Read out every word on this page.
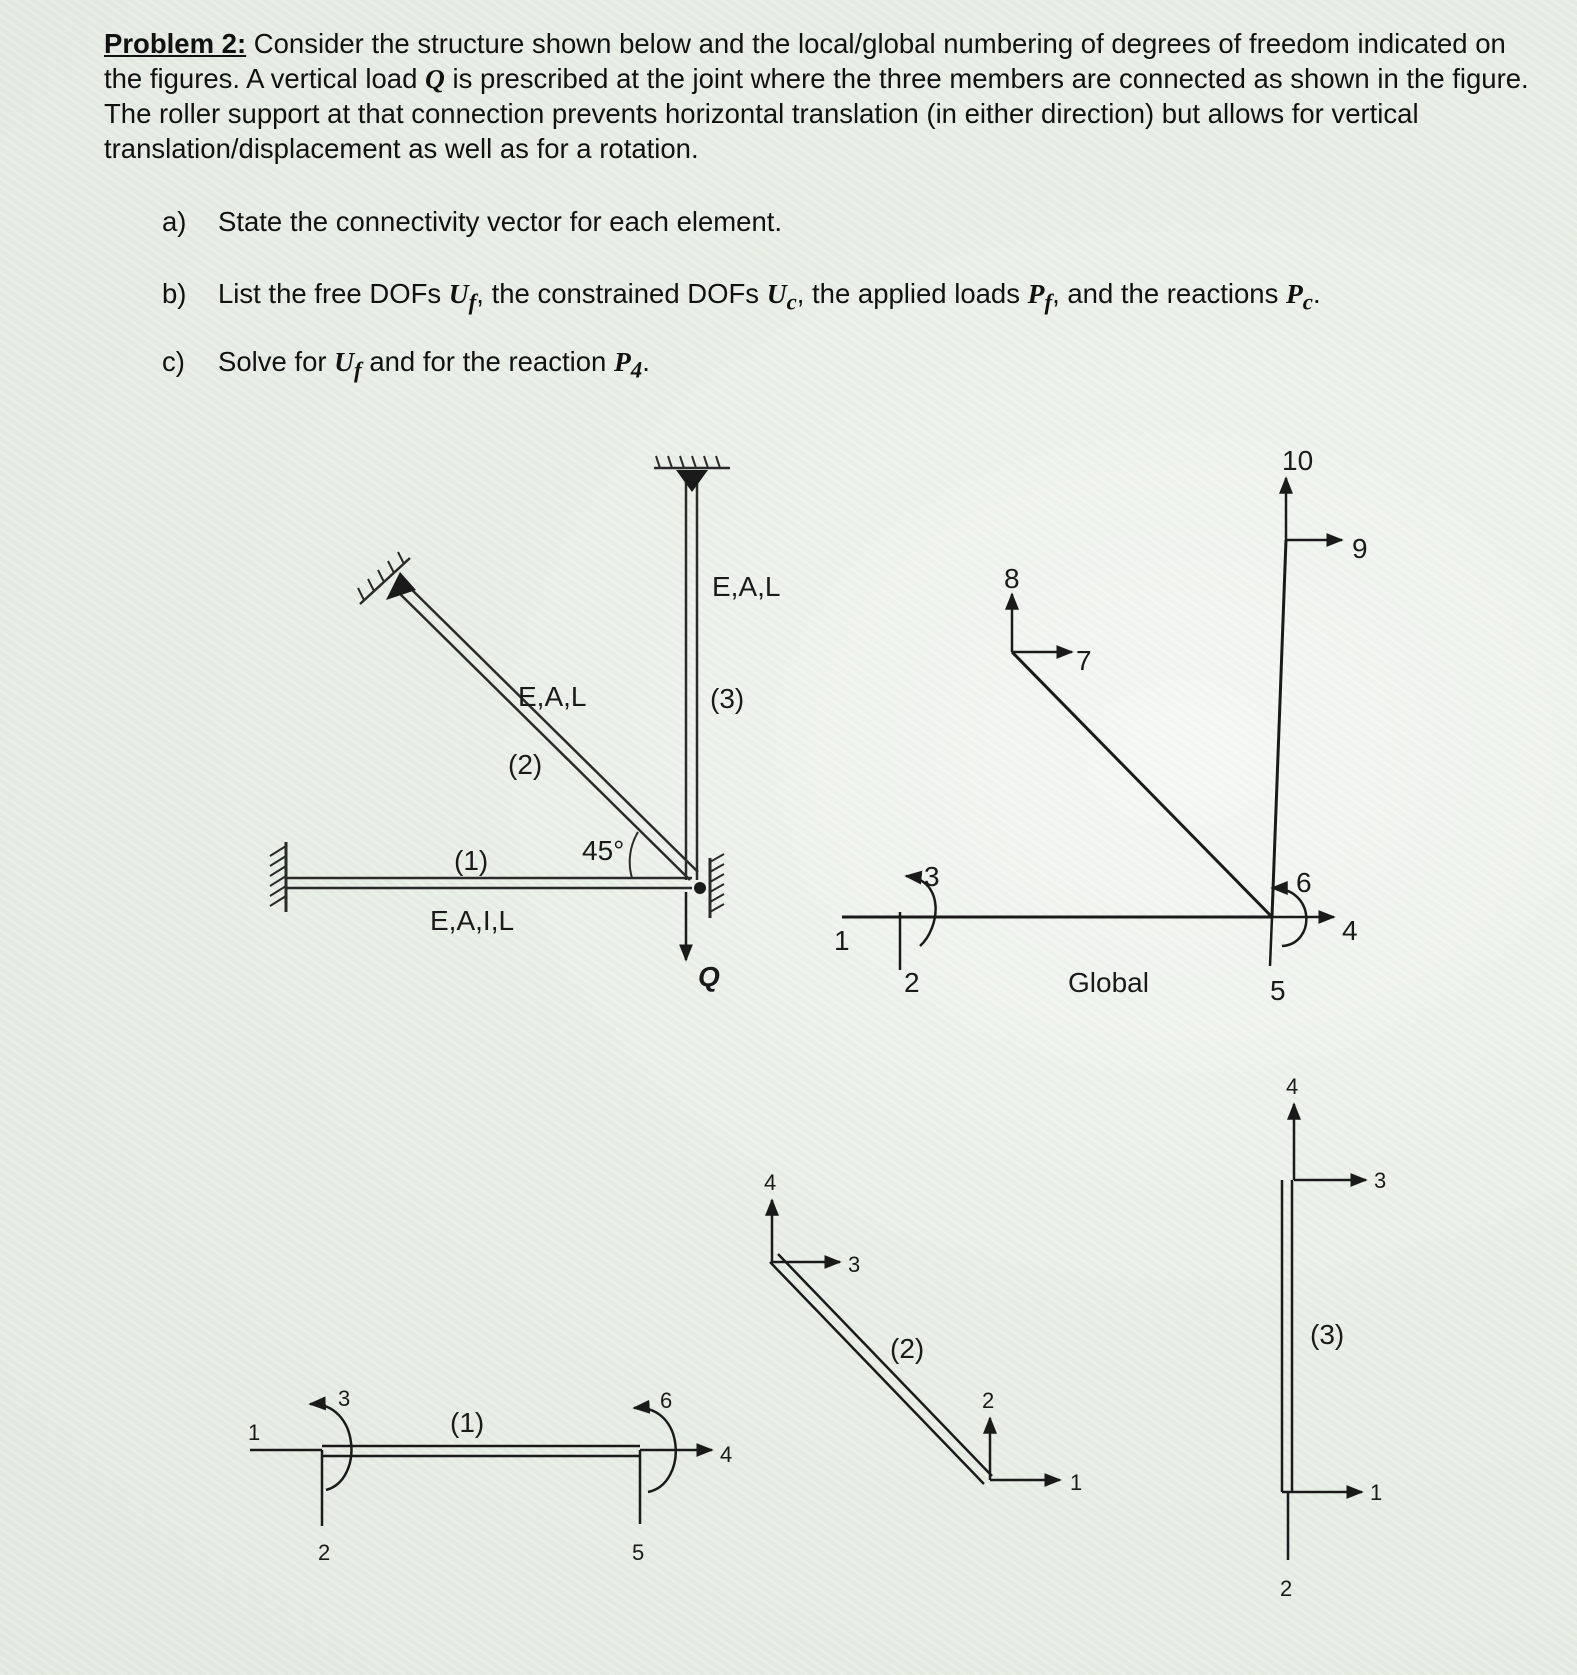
Problem 2: Consider the structure shown below and the local/global numbering of degrees of freedom indicated on the figures. A vertical load Q is prescribed at the joint where the three members are connected as shown in the figure. The roller support at that connection prevents horizontal translation (in either direction) but allows for vertical translation/displacement as well as for a rotation.

a) State the connectivity vector for each element.
b) List the free DOFs $U_f$, the constrained DOFs $U_c$, the applied loads $P_f$, and the reactions $P_c$.
c) Solve for $U_f$ and for the reaction $P_4$.
E,A,L
(3)
E,A,L
(2)
(1)	45°
E,A,I,L
Q
1
2
3
4
5
6
7
8
9
10
Global
1
2
3
4
5
6
(1)
1
2
3
4
(2)
1
2
3
4
(3)
